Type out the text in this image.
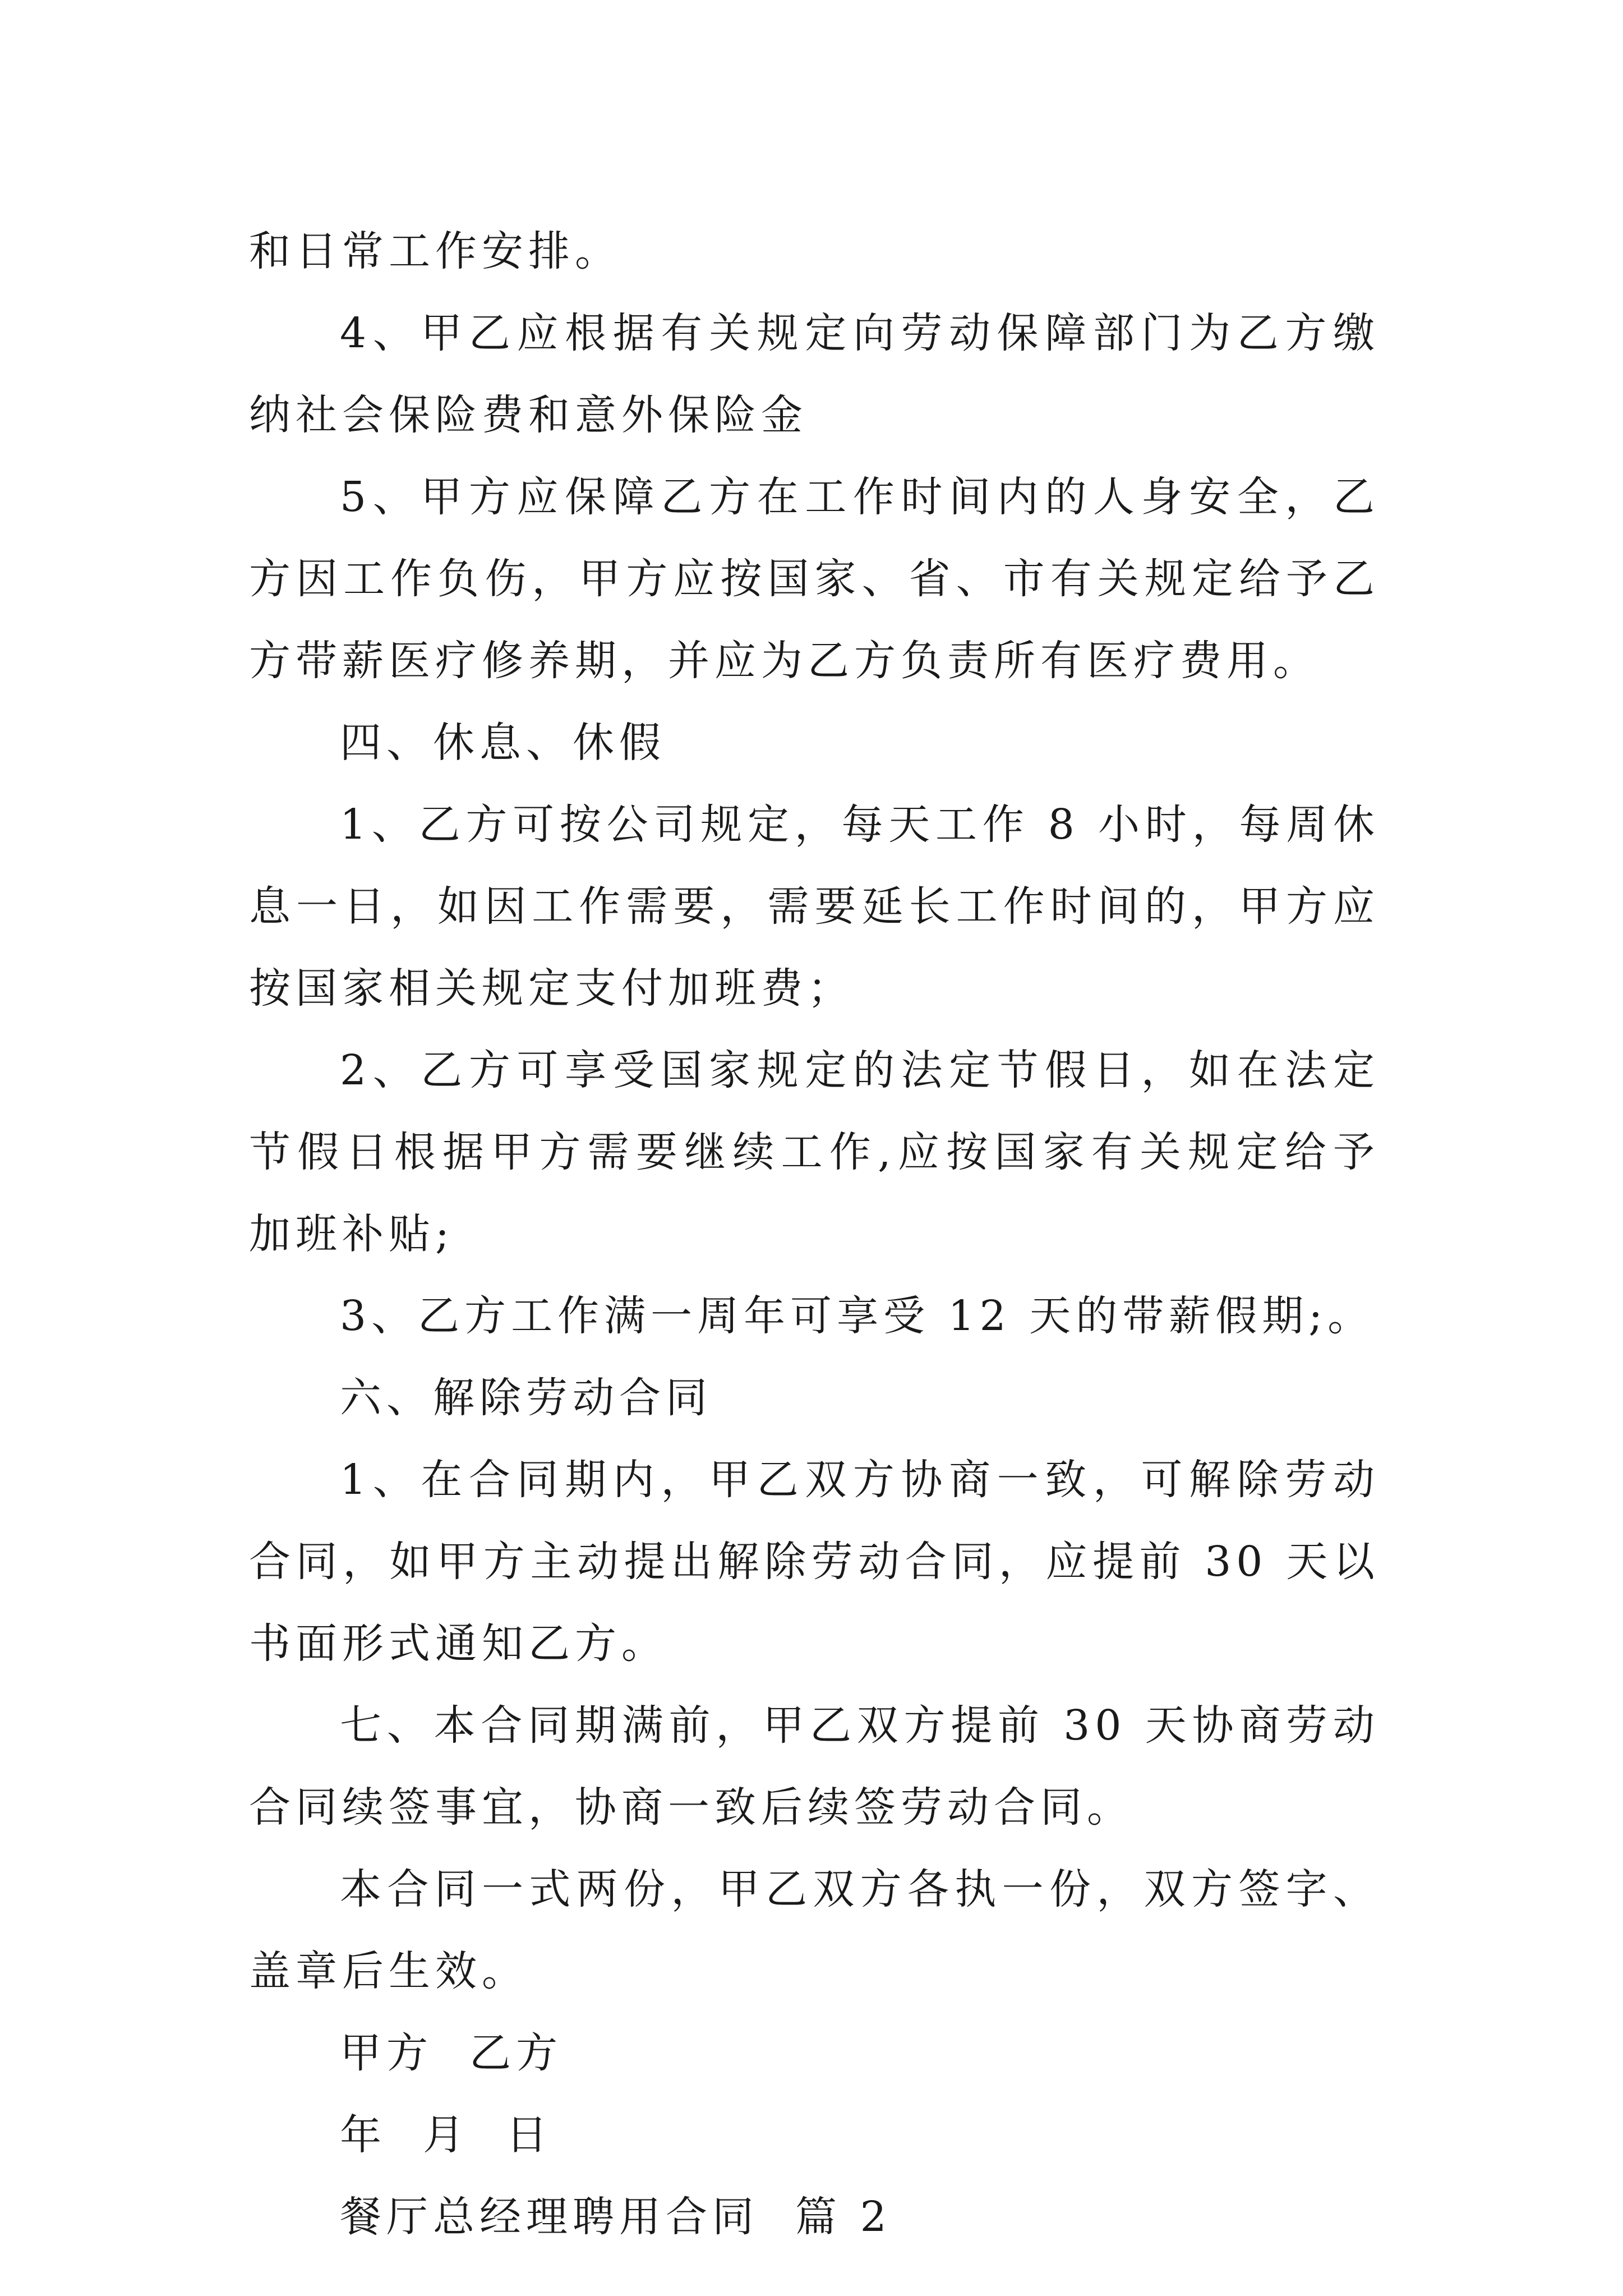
和日常工作安排。

4、甲乙应根据有关规定向劳动保障部门为乙方缴纳社会保险费和意外保险金

5、甲方应保障乙方在工作时间内的人身安全，乙方因工作负伤，甲方应按国家、省、市有关规定给予乙方带薪医疗修养期，并应为乙方负责所有医疗费用。

四、休息、休假

1、乙方可按公司规定，每天工作 8 小时，每周休息一日，如因工作需要，需要延长工作时间的，甲方应按国家相关规定支付加班费；

2、乙方可享受国家规定的法定节假日，如在法定节假日根据甲方需要继续工作,应按国家有关规定给予加班补贴;

3、乙方工作满一周年可享受 12 天的带薪假期;。

六、解除劳动合同

1、在合同期内，甲乙双方协商一致，可解除劳动合同，如甲方主动提出解除劳动合同，应提前 30 天以书面形式通知乙方。

七、本合同期满前，甲乙双方提前 30 天协商劳动合同续签事宜，协商一致后续签劳动合同。

本合同一式两份，甲乙双方各执一份，双方签字、盖章后生效。

甲方  乙方

年  月  日

餐厅总经理聘用合同  篇 2
